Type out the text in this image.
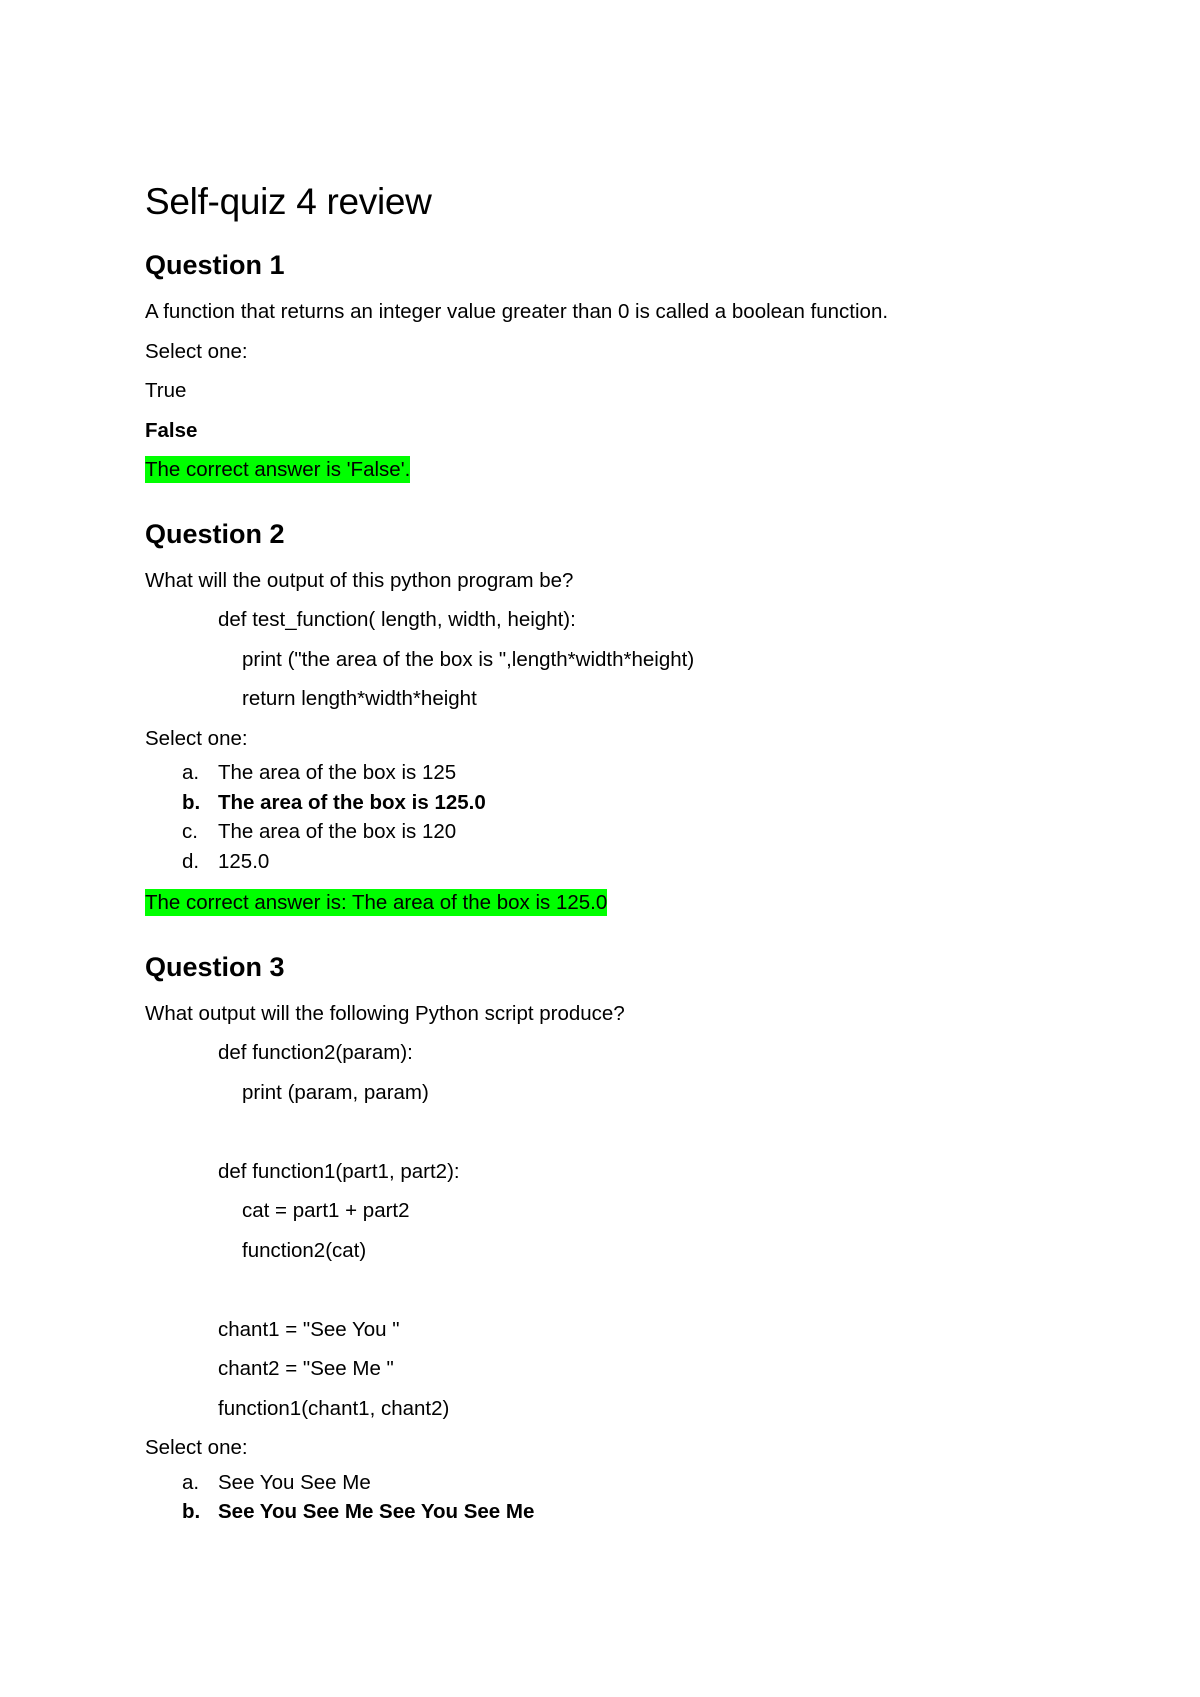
Self-quiz 4 review
Question 1

A function that returns an integer value greater than 0 is called a boolean function.

Select one:

True

False

The correct answer is 'False'.
Question 2

What will the output of this python program be?

def test_function( length, width, height):

print ("the area of the box is ",length*width*height)

return length*width*height

Select one:

a. The area of the box is 125
b. The area of the box is 125.0
c. The area of the box is 120
d. 125.0
The correct answer is: The area of the box is 125.0
Question 3

What output will the following Python script produce?

def function2(param):

print (param, param)

def function1(part1, part2):

cat = part1 + part2

function2(cat)

chant1 = "See You "

chant2 = "See Me "

function1(chant1, chant2)

Select one:

a. See You See Me
b. See You See Me See You See Me
